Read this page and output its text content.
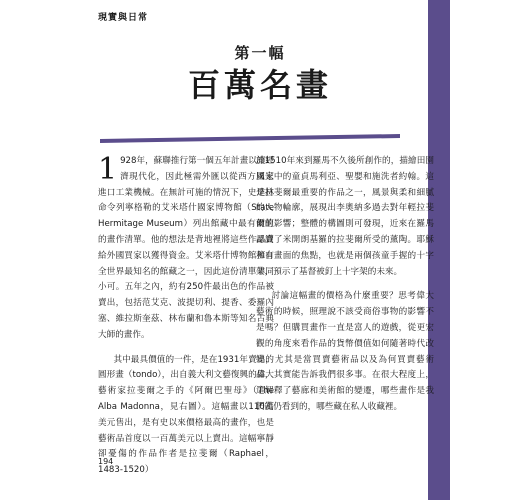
現實與日常
第一幅
百萬名畫

1 928年，蘇聯推行第一個五年計畫以讓經濟現代化，因此極需外匯以從西方國家進口工業機械。在無計可施的情況下，史達林命令列寧格勒的艾米塔什國家博物館（State Hermitage Museum）列出館藏中最有價值的畫作清單。他的想法是背地裡將這些作品賣給外國買家以獲得資金。艾米塔什博物館擁有全世界最知名的館藏之一，因此這份清單非同小可。五年之內，約有250件最出色的作品被賣出，包括范艾克、波提切利、提香、委羅內塞、維拉斯奎茲、林布蘭和魯本斯等知名古典大師的畫作。

其中最具價值的一件，是在1931年賣出的圓形畫（tondo），出自義大利文藝復興的偉大藝術家拉斐爾之手的《阿爾巴聖母》（The Alba Madonna，見右圖）。這幅畫以110萬美元售出，是有史以來價格最高的畫作，也是藝術品首度以一百萬美元以上賣出。這幅寧靜卻憂傷的作品作者是拉斐爾（Raphael，1483-1520）

於1510年來到羅馬不久後所創作的，描繪田園風光中的童貞馬利亞、聖嬰和施洗者約翰。這是拉斐爾最重要的作品之一，風景與柔和細膩的人物輪廓，展現出李奧納多過去對年輕拉斐爾的影響；整體的構圖則可發現，近來在羅馬認識了米開朗基羅的拉斐爾所受的薰陶。耶穌和自畫面的焦點，也就是兩個孩童手握的十字架，預示了基督被釘上十字架的未來。

討論這幅畫的價格為什麼重要？思考偉大藝術的時候，照理說不該受商俗事物的影響不是嗎？但購買畫作一直是富人的遊戲，從更宏觀的角度來看作品的貨幣價值如何隨著時代改變，尤其是當買賣藝術品以及為何買賣藝術品，其實能告訴我們很多事。在很大程度上，這解釋了藝廊和美術館的變遷，哪些畫作是我們能仍看到的，哪些藏在私人收藏裡。

194
